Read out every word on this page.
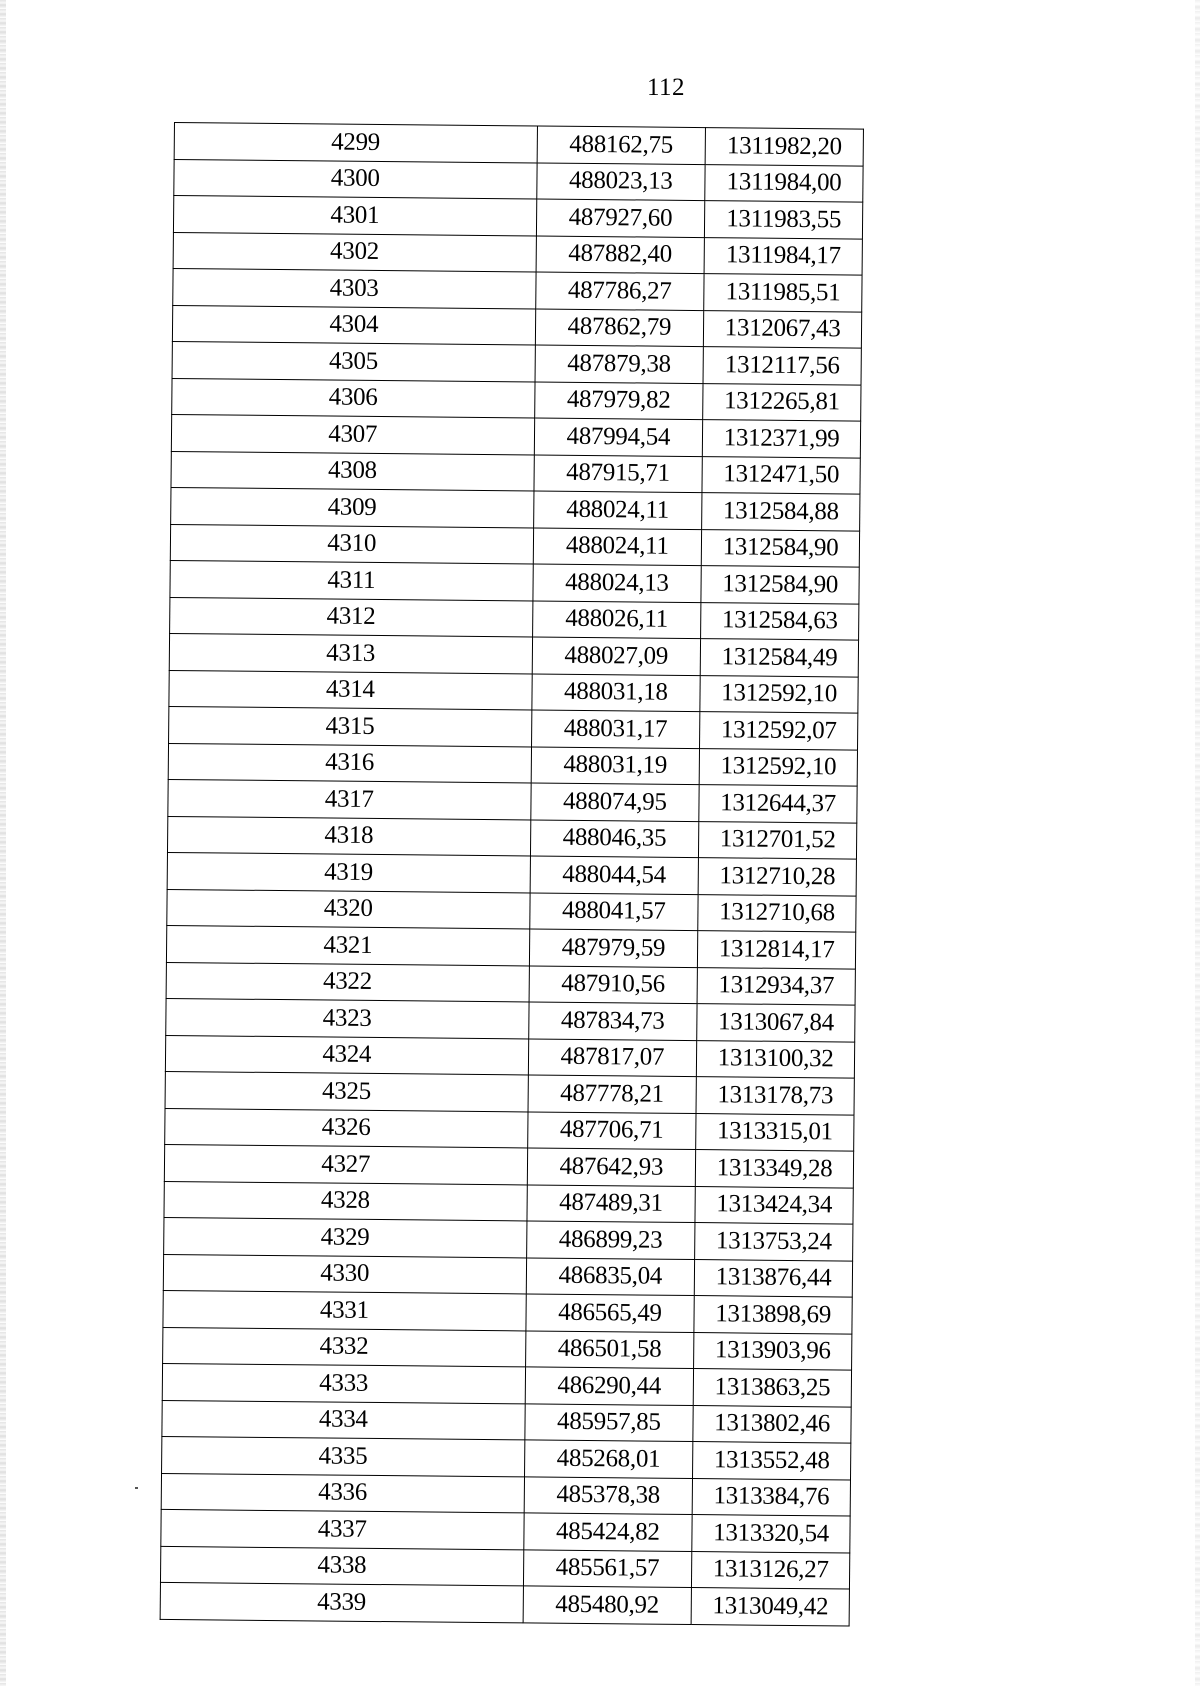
112
4299	488162,75	1311982,20
4300	488023,13	1311984,00
4301	487927,60	1311983,55
4302	487882,40	1311984,17
4303	487786,27	1311985,51
4304	487862,79	1312067,43
4305	487879,38	1312117,56
4306	487979,82	1312265,81
4307	487994,54	1312371,99
4308	487915,71	1312471,50
4309	488024,11	1312584,88
4310	488024,11	1312584,90
4311	488024,13	1312584,90
4312	488026,11	1312584,63
4313	488027,09	1312584,49
4314	488031,18	1312592,10
4315	488031,17	1312592,07
4316	488031,19	1312592,10
4317	488074,95	1312644,37
4318	488046,35	1312701,52
4319	488044,54	1312710,28
4320	488041,57	1312710,68
4321	487979,59	1312814,17
4322	487910,56	1312934,37
4323	487834,73	1313067,84
4324	487817,07	1313100,32
4325	487778,21	1313178,73
4326	487706,71	1313315,01
4327	487642,93	1313349,28
4328	487489,31	1313424,34
4329	486899,23	1313753,24
4330	486835,04	1313876,44
4331	486565,49	1313898,69
4332	486501,58	1313903,96
4333	486290,44	1313863,25
4334	485957,85	1313802,46
4335	485268,01	1313552,48
4336	485378,38	1313384,76
4337	485424,82	1313320,54
4338	485561,57	1313126,27
4339	485480,92	1313049,42
